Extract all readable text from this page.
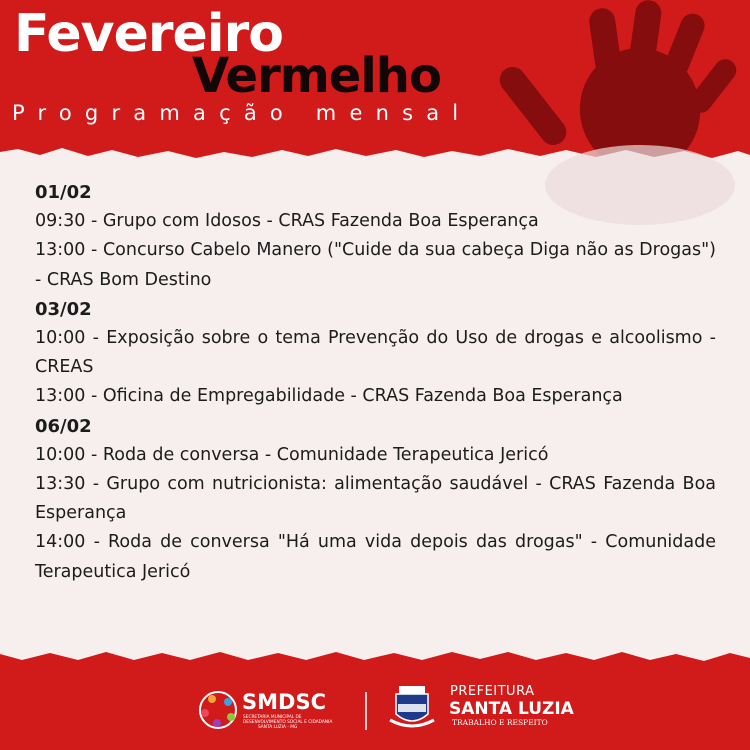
Fevereiro
Vermelho
Programação mensal
01/02
09:30 - Grupo com Idosos - CRAS Fazenda Boa Esperança
13:00 - Concurso Cabelo Manero ("Cuide da sua cabeça Diga não as Drogas") - CRAS Bom Destino
03/02
10:00 - Exposição sobre o tema Prevenção do Uso de drogas e alcoolismo - CREAS
13:00 - Oficina de Empregabilidade - CRAS Fazenda Boa Esperança
06/02
10:00 - Roda de conversa - Comunidade Terapeutica Jericó
13:30 - Grupo com nutricionista: alimentação saudável - CRAS Fazenda Boa Esperança
14:00 - Roda de conversa "Há uma vida depois das drogas" - Comunidade Terapeutica Jericó
SMDSC
SECRETARIA MUNICIPAL DE
DESENVOLVIMENTO SOCIAL E CIDADANIA
SANTA LUZIA - MG
PREFEITURA
SANTA LUZIA
TRABALHO E RESPEITO
